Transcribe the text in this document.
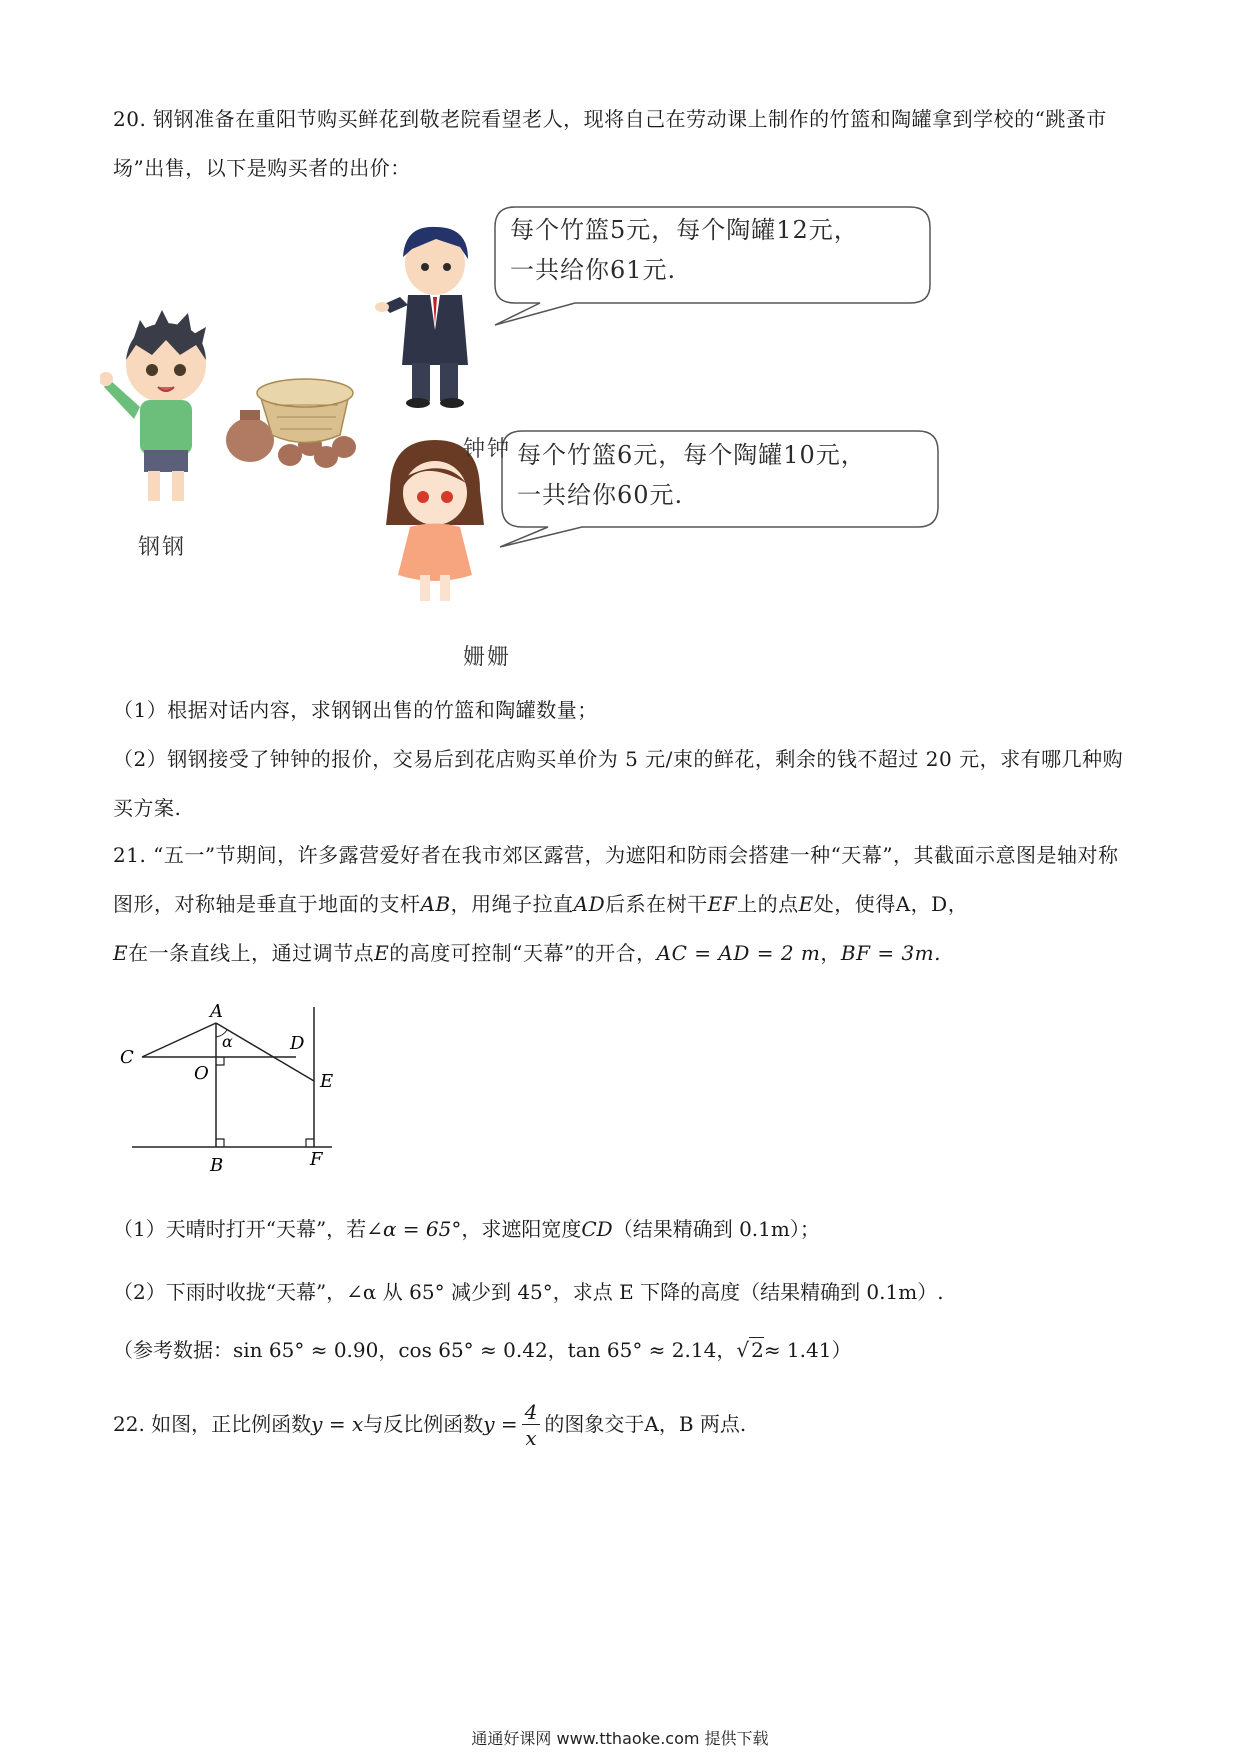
20. 钢钢准备在重阳节购买鲜花到敬老院看望老人，现将自己在劳动课上制作的竹篮和陶罐拿到学校的“跳蚤市场”出售，以下是购买者的出价：
每个竹篮5元，每个陶罐12元，
一共给你61元.
每个竹篮6元，每个陶罐10元，
一共给你60元.
钢钢
钟钟
姗姗
（1）根据对话内容，求钢钢出售的竹篮和陶罐数量；
（2）钢钢接受了钟钟的报价，交易后到花店购买单价为 5 元/束的鲜花，剩余的钱不超过 20 元，求有哪几种购买方案.
21. “五一”节期间，许多露营爱好者在我市郊区露营，为遮阳和防雨会搭建一种“天幕”，其截面示意图是轴对称图形，对称轴是垂直于地面的支杆AB，用绳子拉直AD后系在树干EF上的点E处，使得A，D，
E在一条直线上，通过调节点E的高度可控制“天幕”的开合，AC = AD = 2 m，BF = 3m.
A
α
C
D
O	E
B	F
（1）天晴时打开“天幕”，若∠α = 65°，求遮阳宽度CD（结果精确到 0.1m）；
（2）下雨时收拢“天幕”，∠α 从 65° 减少到 45°，求点 E 下降的高度（结果精确到 0.1m）.
（参考数据：sin 65° ≈ 0.90，cos 65° ≈ 0.42，tan 65° ≈ 2.14，√ 2≈ 1.41）
22. 如图，正比例函数y = x与反比例函数$y = \frac{4}{x}$ 的图象交于A，B 两点.
通通好课网 www.tthaoke.com 提供下载
